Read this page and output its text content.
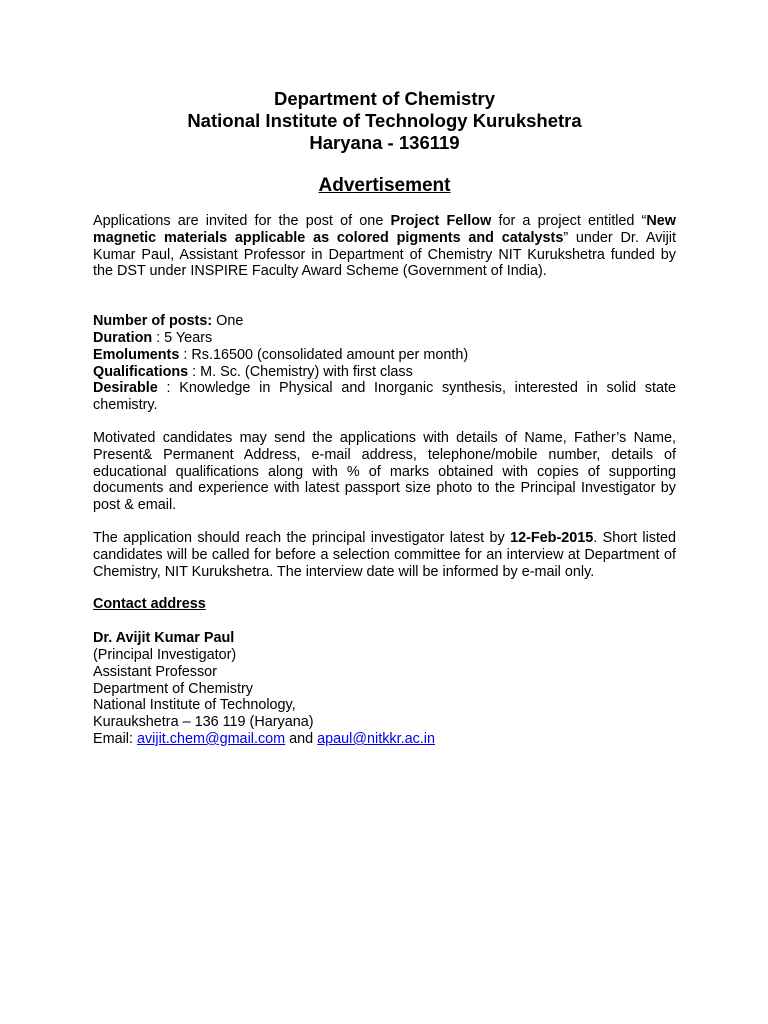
Department of Chemistry
National Institute of Technology Kurukshetra
Haryana - 136119
Advertisement

Applications are invited for the post of one Project Fellow for a project entitled “New magnetic materials applicable as colored pigments and catalysts” under Dr. Avijit Kumar Paul, Assistant Professor in Department of Chemistry NIT Kurukshetra funded by the DST under INSPIRE Faculty Award Scheme (Government of India).

Number of posts: One

Duration : 5 Years

Emoluments : Rs.16500 (consolidated amount per month)

Qualifications : M. Sc. (Chemistry) with first class

Desirable : Knowledge in Physical and Inorganic synthesis, interested in solid state chemistry.

Motivated candidates may send the applications with details of Name, Father’s Name, Present& Permanent Address, e-mail address, telephone/mobile number, details of educational qualifications along with % of marks obtained with copies of supporting documents and experience with latest passport size photo to the Principal Investigator by post & email.

The application should reach the principal investigator latest by 12-Feb-2015. Short listed candidates will be called for before a selection committee for an interview at Department of Chemistry, NIT Kurukshetra. The interview date will be informed by e-mail only.

Contact address
Dr. Avijit Kumar Paul
(Principal Investigator)
Assistant Professor
Department of Chemistry
National Institute of Technology,
Kurauk​shetra – 136 119 (Haryana)
Email: avijit.chem@gmail.com and apaul@nitkkr.ac.in
